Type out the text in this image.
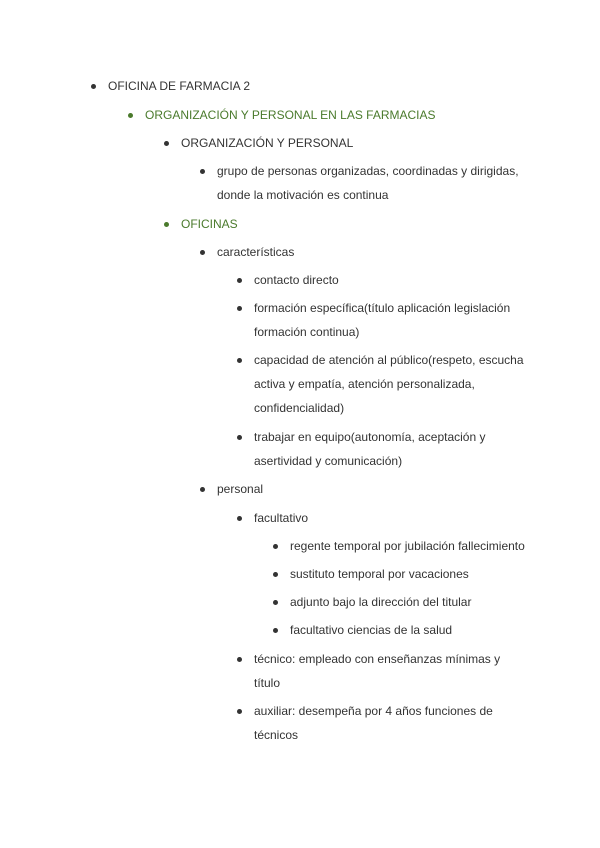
OFICINA DE FARMACIA 2
ORGANIZACIÓN Y PERSONAL EN LAS FARMACIAS
ORGANIZACIÓN Y PERSONAL
grupo de personas organizadas, coordinadas y dirigidas,
donde la motivación es continua
OFICINAS
características
contacto directo
formación específica(título aplicación legislación
formación continua)
capacidad de atención al público(respeto, escucha
activa y empatía, atención personalizada,
confidencialidad)
trabajar en equipo(autonomía, aceptación y
asertividad y comunicación)
personal
facultativo
regente temporal por jubilación fallecimiento
sustituto temporal por vacaciones
adjunto bajo la dirección del titular
facultativo ciencias de la salud
técnico: empleado con enseñanzas mínimas y
título
auxiliar: desempeña por 4 años funciones de
técnicos
